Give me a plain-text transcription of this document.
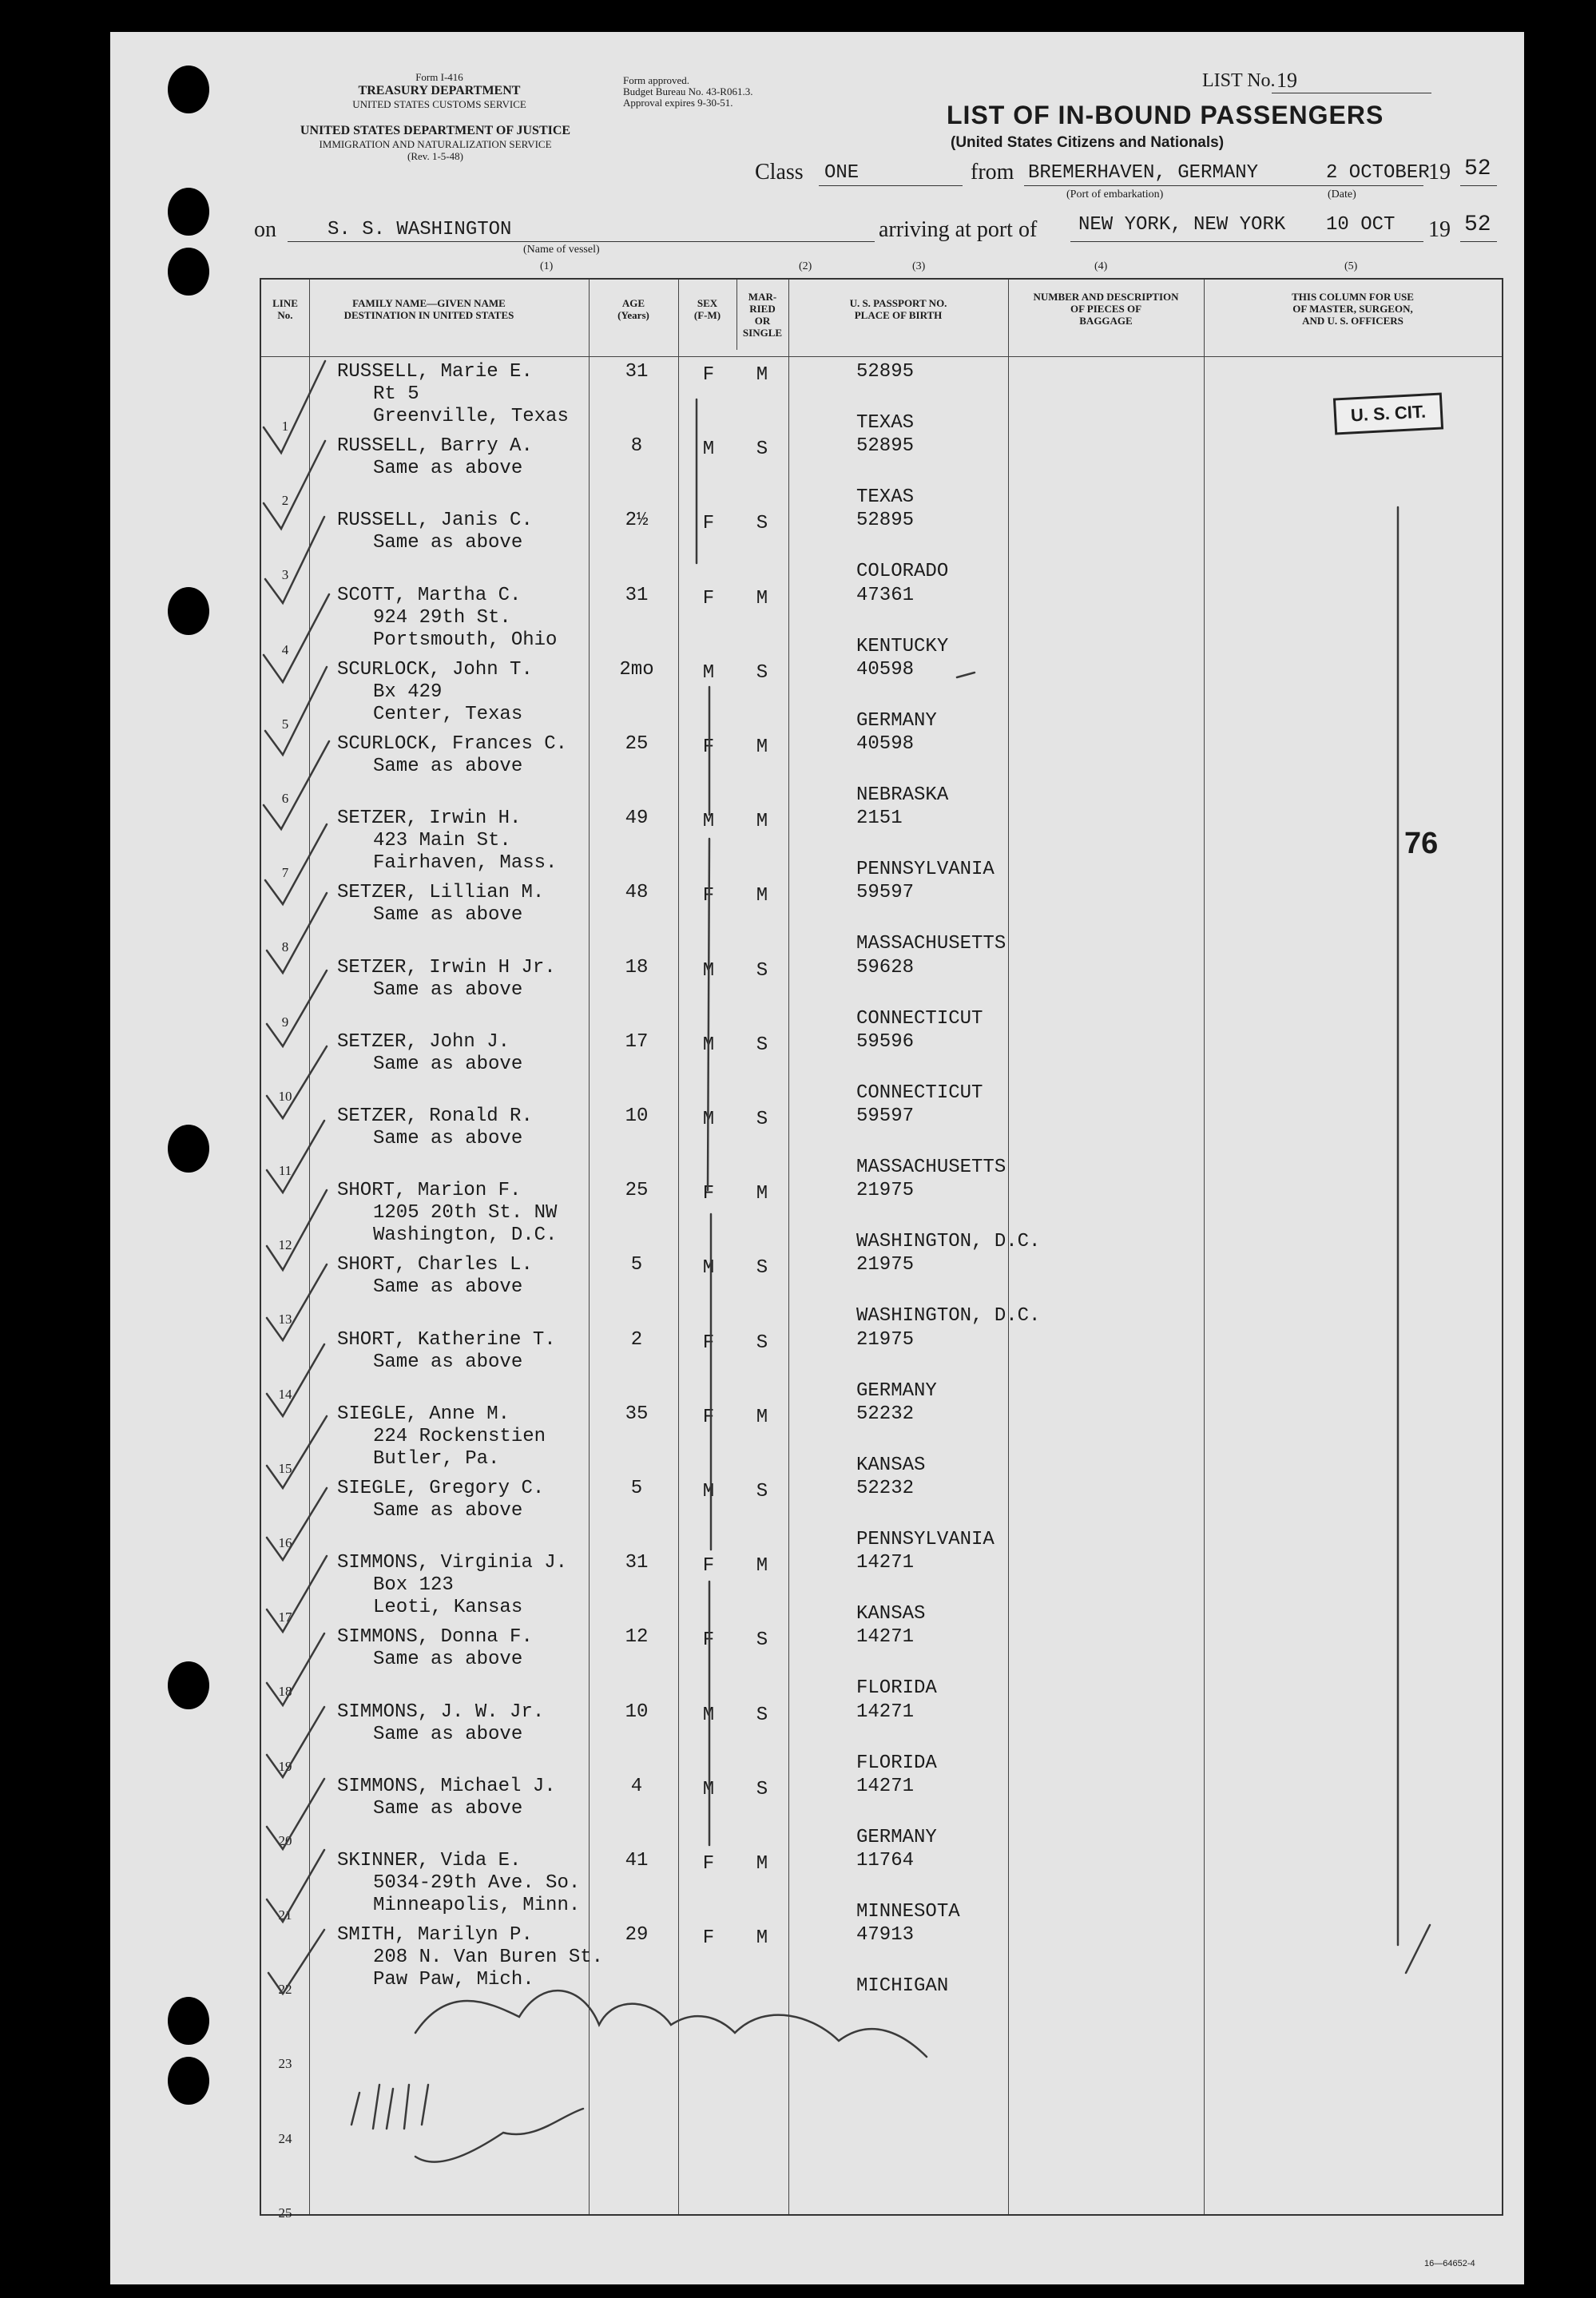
Form I-416
TREASURY DEPARTMENT
UNITED STATES CUSTOMS SERVICE
Form approved.
Budget Bureau No. 43-R061.3.
Approval expires 9-30-51.
UNITED STATES DEPARTMENT OF JUSTICE
IMMIGRATION AND NATURALIZATION SERVICE
(Rev. 1-5-48)
LIST No. 19
LIST OF IN-BOUND PASSENGERS
(United States Citizens and Nationals)
Class ONE	from BREMERHAVEN, GERMANY	2 OCTOBER
19 52
(Port of embarkation)	(Date)
on	S. S. WASHINGTON
(Name of vessel)
(1)
arriving at port of NEW YORK, NEW YORK 10 OCT 19 52
(2)	(3)	(4)	(5)
LINE
No.
FAMILY NAME—GIVEN NAME
DESTINATION IN UNITED STATES
AGE
(Years)
SEX
(F-M)
MAR-
RIED
OR
SINGLE
U. S. PASSPORT NO.
PLACE OF BIRTH
NUMBER AND DESCRIPTION
OF PIECES OF
BAGGAGE
THIS COLUMN FOR USE
OF MASTER, SURGEON,
AND U. S. OFFICERS
1
RUSSELL, Marie E.
Rt 5
Greenville, Texas
31	F	M	52895
TEXAS
2
RUSSELL, Barry A.
Same as above
8	M	S	52895
TEXAS
3
RUSSELL, Janis C.
Same as above
2½	F	S	52895
COLORADO
4
SCOTT, Martha C.
924 29th St.
Portsmouth, Ohio
31	F	M	47361
KENTUCKY
5
SCURLOCK, John T.
Bx 429
Center, Texas
2mo	M	S	40598
GERMANY
6
SCURLOCK, Frances C.
Same as above
25	F	M	40598
NEBRASKA
7
SETZER, Irwin H.
423 Main St.
Fairhaven, Mass.
49	M	M	2151
PENNSYLVANIA
8
SETZER, Lillian M.
Same as above
48	F	M	59597
MASSACHUSETTS
9
SETZER, Irwin H Jr.
Same as above
18	M	S	59628
CONNECTICUT
10
SETZER, John J.
Same as above
17	M	S	59596
CONNECTICUT
11
SETZER, Ronald R.
Same as above
10	M	S	59597
MASSACHUSETTS
12
SHORT, Marion F.
1205 20th St. NW
Washington, D.C.
25	F	M	21975
WASHINGTON, D.C.
13
SHORT, Charles L.
Same as above
5	M	S	21975
WASHINGTON, D.C.
14
SHORT, Katherine T.
Same as above
2	F	S	21975
GERMANY
15
SIEGLE, Anne M.
224 Rockenstien
Butler, Pa.
35	F	M	52232
KANSAS
16
SIEGLE, Gregory C.
Same as above
5	M	S	52232
PENNSYLVANIA
17
SIMMONS, Virginia J.
Box 123
Leoti, Kansas
31	F	M	14271
KANSAS
18
SIMMONS, Donna F.
Same as above
12	F	S	14271
FLORIDA
19
SIMMONS, J. W. Jr.
Same as above
10	M	S	14271
FLORIDA
20
SIMMONS, Michael J.
Same as above
4	M	S	14271
GERMANY
21
SKINNER, Vida E.
5034-29th Ave. So.
Minneapolis, Minn.
41	F	M	11764
MINNESOTA
22
SMITH, Marilyn P.
208 N. Van Buren St.
Paw Paw, Mich.
29	F	M	47913
MICHIGAN
23
24
25
U. S. CIT.
76
16—64652-4
